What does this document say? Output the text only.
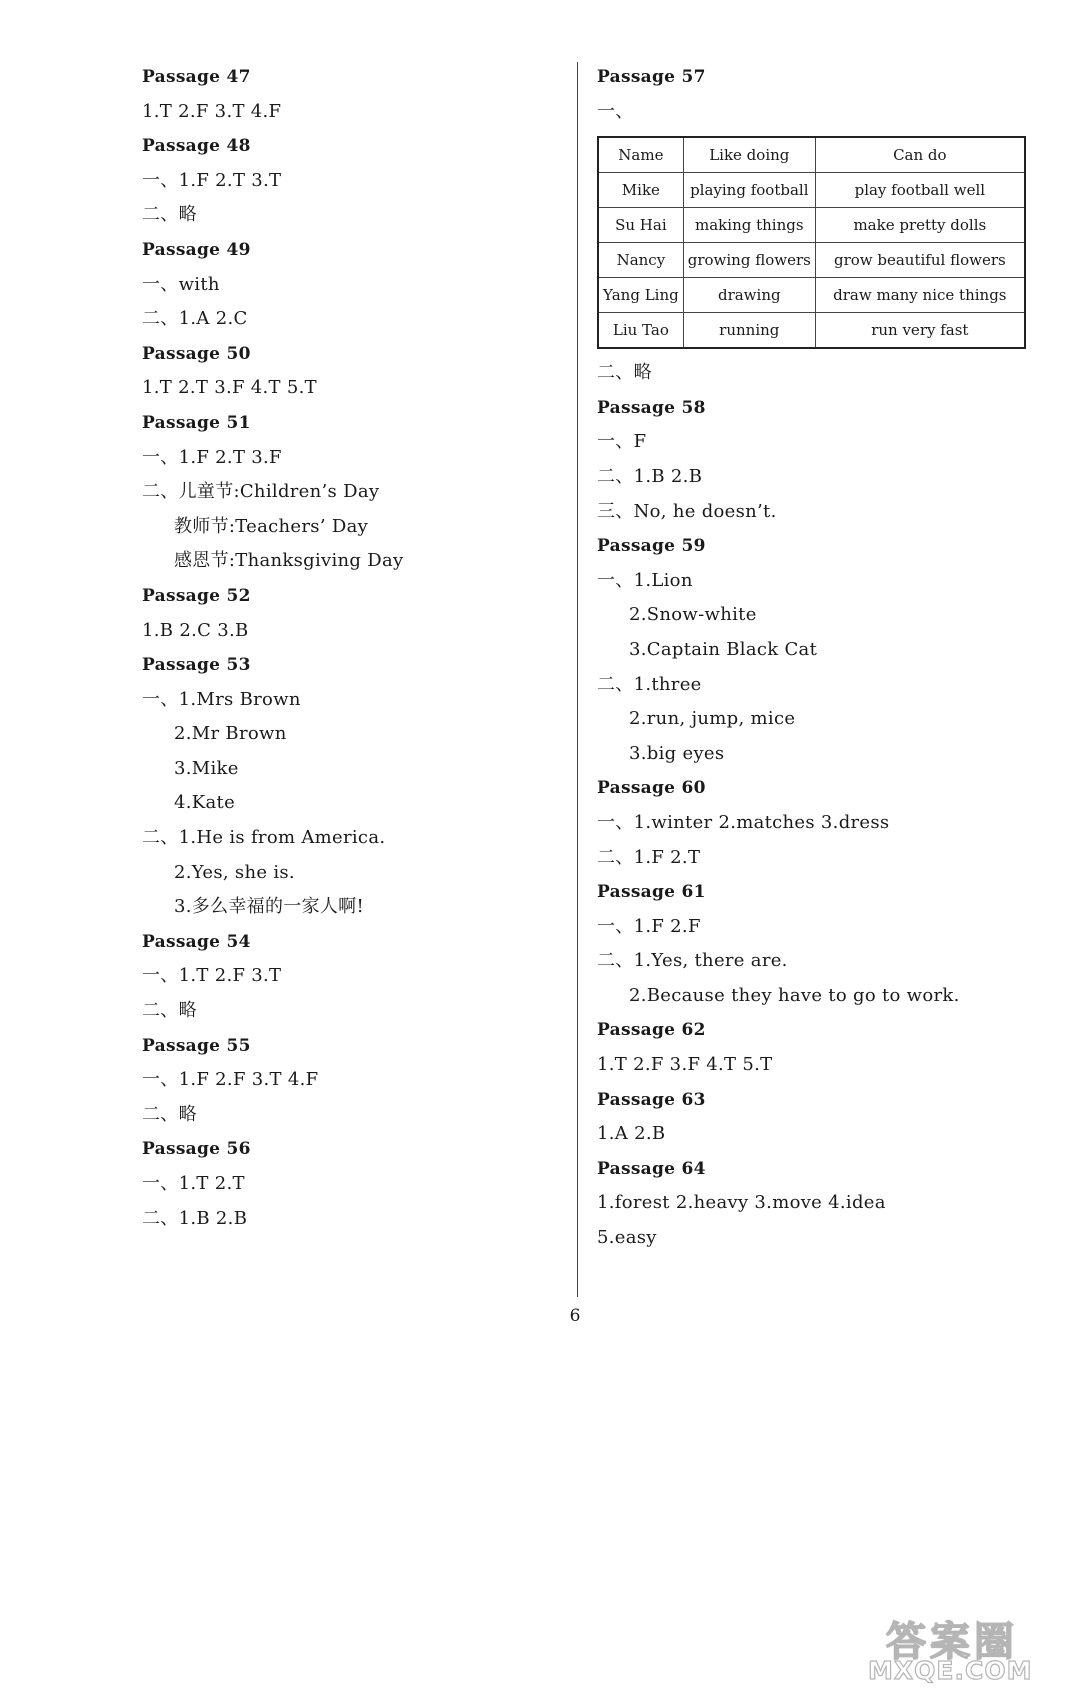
Passage 47
1.T 2.F 3.T 4.F
Passage 48
一、1.F 2.T 3.T
二、略
Passage 49
一、with
二、1.A 2.C
Passage 50
1.T 2.T 3.F 4.T 5.T
Passage 51
一、1.F 2.T 3.F
二、儿童节:Children’s Day
教师节:Teachers’ Day
感恩节:Thanksgiving Day
Passage 52
1.B 2.C 3.B
Passage 53
一、1.Mrs Brown
2.Mr Brown
3.Mike
4.Kate
二、1.He is from America.
2.Yes, she is.
3.多么幸福的一家人啊!
Passage 54
一、1.T 2.F 3.T
二、略
Passage 55
一、1.F 2.F 3.T 4.F
二、略
Passage 56
一、1.T 2.T
二、1.B 2.B
Passage 57
一、
Name	Like doing	Can do
Mike	playing football	play football well
Su Hai	making things	make pretty dolls
Nancy	growing flowers	grow beautiful flowers
Yang Ling	drawing	draw many nice things
Liu Tao	running	run very fast
二、略
Passage 58
一、F
二、1.B 2.B
三、No, he doesn’t.
Passage 59
一、1.Lion
2.Snow-white
3.Captain Black Cat
二、1.three
2.run, jump, mice
3.big eyes
Passage 60
一、1.winter 2.matches 3.dress
二、1.F 2.T
Passage 61
一、1.F 2.F
二、1.Yes, there are.
2.Because they have to go to work.
Passage 62
1.T 2.F 3.F 4.T 5.T
Passage 63
1.A 2.B
Passage 64
1.forest 2.heavy 3.move 4.idea
5.easy
6
答案圈
MXQE.COM
